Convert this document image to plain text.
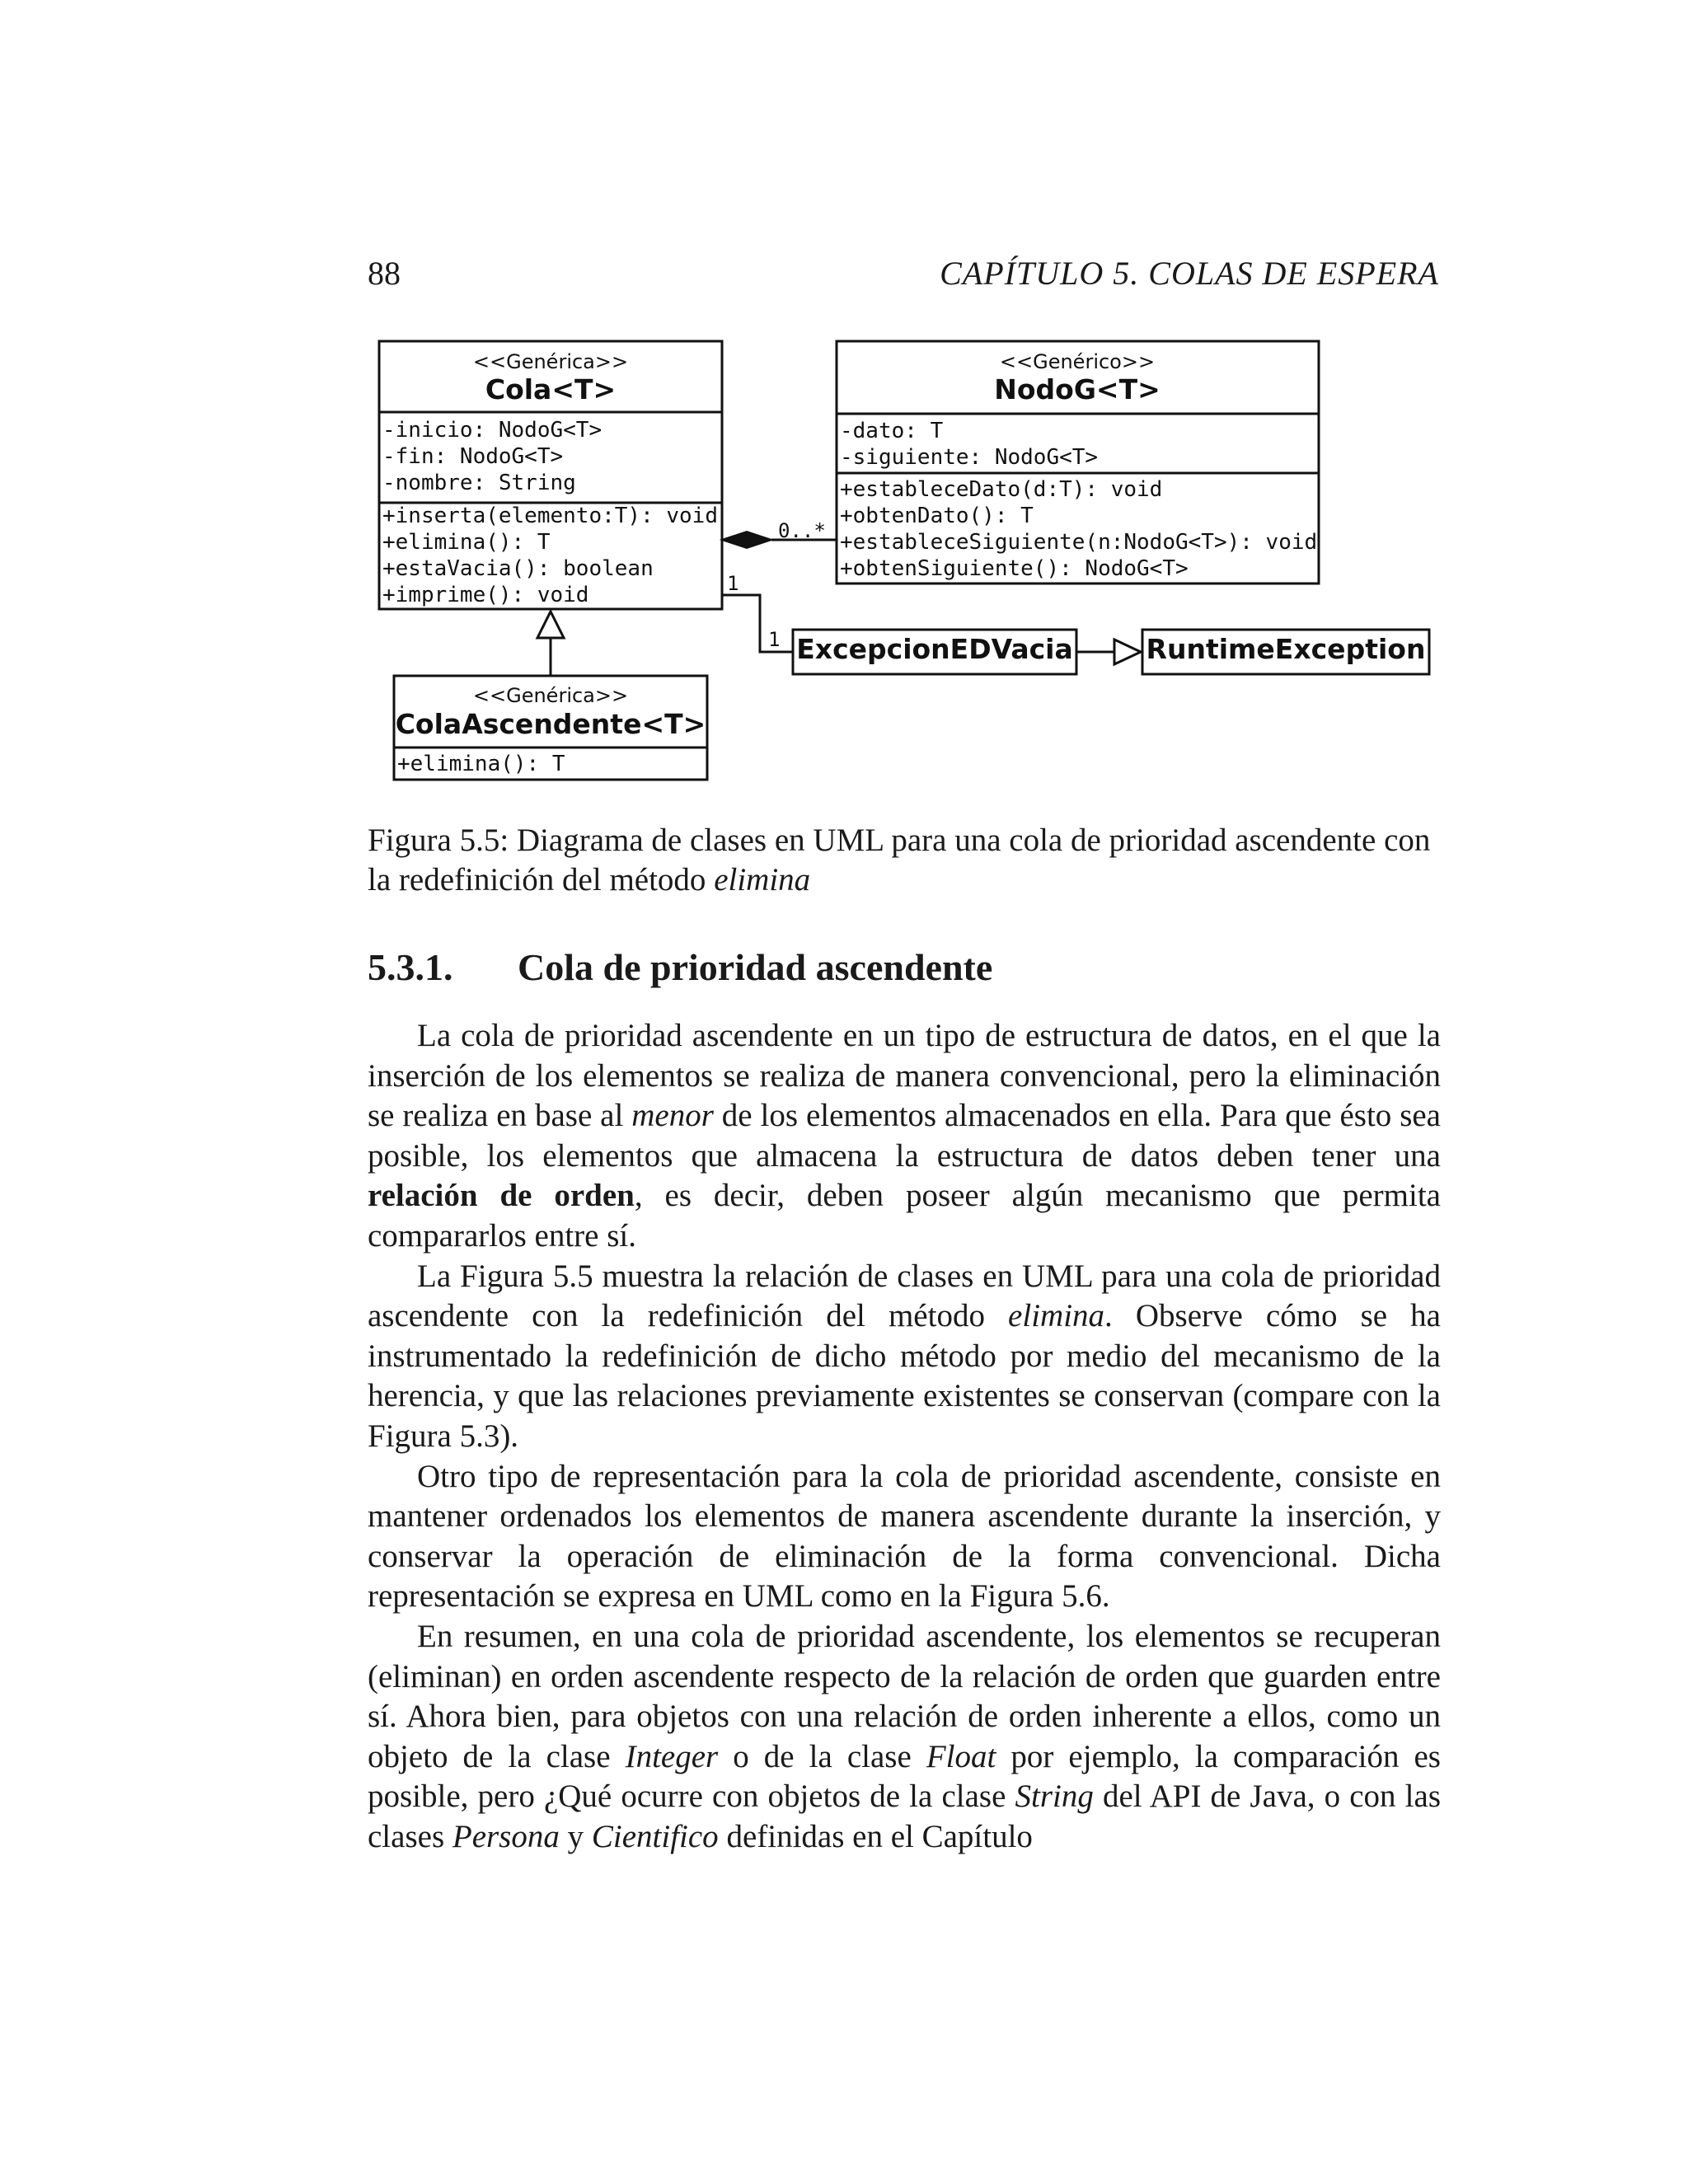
88	CAPÍTULO 5. COLAS DE ESPERA
<<Genérica>>
Cola<T>
-inicio: NodoG<T>
-fin: NodoG<T>
-nombre: String
+inserta(elemento:T): void
+elimina(): T
+estaVacia(): boolean
+imprime(): void
<<Genérico>>
NodoG<T>
-dato: T
-siguiente: NodoG<T>
+estableceDato(d:T): void
+obtenDato(): T
+estableceSiguiente(n:NodoG<T>): void
+obtenSiguiente(): NodoG<T>
<<Genérica>>
ColaAscendente<T>
+elimina(): T
ExcepcionEDVacia	RuntimeException
0..*
1
1
Figura 5.5: Diagrama de clases en UML para una cola de prioridad ascendente con la redefinición del método elimina
5.3.1. Cola de prioridad ascendente

La cola de prioridad ascendente en un tipo de estructura de datos, en el que la inserción de los elementos se realiza de manera convencional, pero la eliminación se realiza en base al menor de los elementos almacenados en ella. Para que ésto sea posible, los elementos que almacena la estructura de datos deben tener una relación de orden, es decir, deben poseer algún mecanismo que permita compararlos entre sí.

La Figura 5.5 muestra la relación de clases en UML para una cola de prioridad ascendente con la redefinición del método elimina. Observe cómo se ha instrumentado la redefinición de dicho método por medio del mecanismo de la herencia, y que las relaciones previamente existentes se conservan (compare con la Figura 5.3).

Otro tipo de representación para la cola de prioridad ascendente, consiste en mantener ordenados los elementos de manera ascendente durante la inserción, y conservar la operación de eliminación de la forma convencional. Dicha representación se expresa en UML como en la Figura 5.6.

En resumen, en una cola de prioridad ascendente, los elementos se recuperan (eliminan) en orden ascendente respecto de la relación de orden que guarden entre sí. Ahora bien, para objetos con una relación de orden inherente a ellos, como un objeto de la clase Integer o de la clase Float por ejemplo, la comparación es posible, pero ¿Qué ocurre con objetos de la clase String del API de Java, o con las clases Persona y Cientifico definidas en el Capítulo
